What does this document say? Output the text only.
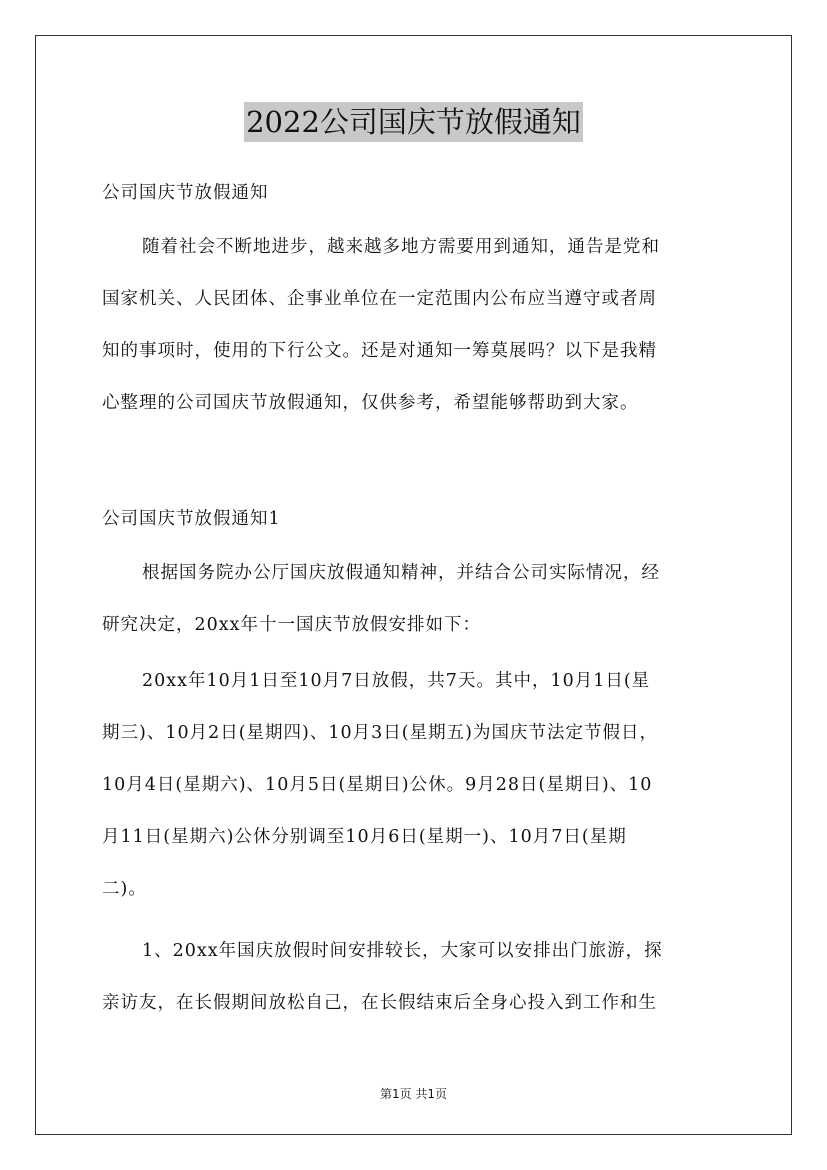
2022公司国庆节放假通知
公司国庆节放假通知
随着社会不断地进步，越来越多地方需要用到通知，通告是党和
国家机关、人民团体、企事业单位在一定范围内公布应当遵守或者周
知的事项时，使用的下行公文。还是对通知一筹莫展吗？以下是我精
心整理的公司国庆节放假通知，仅供参考，希望能够帮助到大家。
公司国庆节放假通知1
根据国务院办公厅国庆放假通知精神，并结合公司实际情况，经
研究决定，20xx年十一国庆节放假安排如下：
20xx年10月1日至10月7日放假，共7天。其中，10月1日(星
期三)、10月2日(星期四)、10月3日(星期五)为国庆节法定节假日，
10月4日(星期六)、10月5日(星期日)公休。9月28日(星期日)、10
月11日(星期六)公休分别调至10月6日(星期一)、10月7日(星期
二)。
1、20xx年国庆放假时间安排较长，大家可以安排出门旅游，探
亲访友，在长假期间放松自己，在长假结束后全身心投入到工作和生
第1页 共1页
